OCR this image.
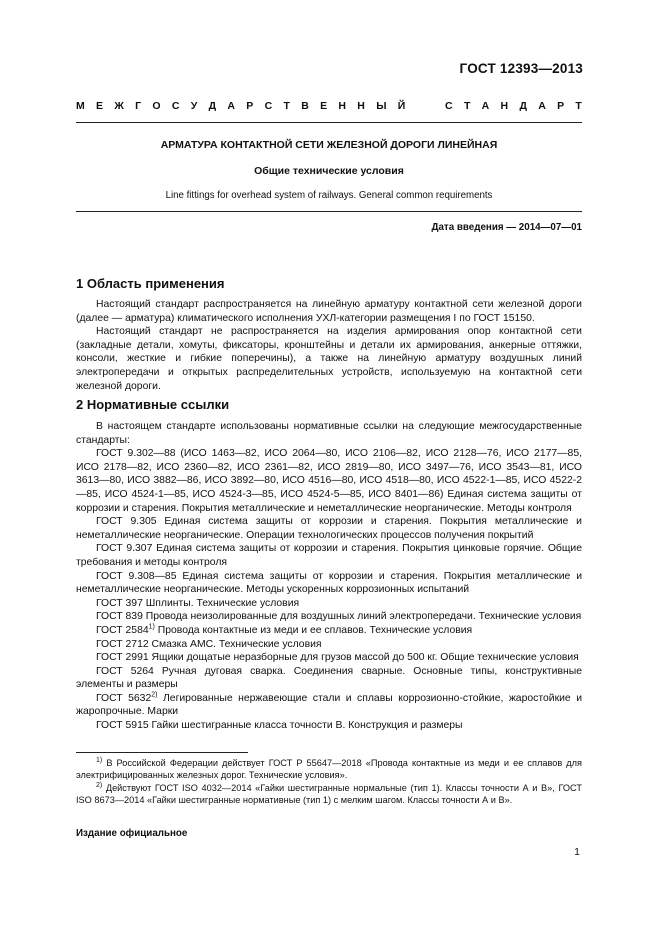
ГОСТ 12393—2013
М Е Ж Г О С У Д А Р С Т В Е Н Н Ы Й

	С Т А Н Д А Р Т
АРМАТУРА КОНТАКТНОЙ СЕТИ ЖЕЛЕЗНОЙ ДОРОГИ ЛИНЕЙНАЯ
Общие технические условия
Line fittings for overhead system of railways. General common requirements
Дата введения — 2014—07—01
1 Область применения

Настоящий стандарт распространяется на линейную арматуру контактной сети железной дороги (далее — арматура) климатического исполнения УХЛ-категории размещения I по ГОСТ 15150.

Настоящий стандарт не распространяется на изделия армирования опор контактной сети (закладные детали, хомуты, фиксаторы, кронштейны и детали их армирования, анкерные оттяжки, консоли, жесткие и гибкие поперечины), а также на линейную арматуру воздушных линий электропередачи и открытых распределительных устройств, используемую на контактной сети железной дороги.

2 Нормативные ссылки

В настоящем стандарте использованы нормативные ссылки на следующие межгосударственные стандарты:

ГОСТ 9.302—88 (ИСО 1463—82, ИСО 2064—80, ИСО 2106—82, ИСО 2128—76, ИСО 2177—85, ИСО 2178—82, ИСО 2360—82, ИСО 2361—82, ИСО 2819—80, ИСО 3497—76, ИСО 3543—81, ИСО 3613—80, ИСО 3882—86, ИСО 3892—80, ИСО 4516—80, ИСО 4518—80, ИСО 4522-1—85, ИСО 4522-2—85, ИСО 4524-1—85, ИСО 4524-3—85, ИСО 4524-5—85, ИСО 8401—86) Единая система защиты от коррозии и старения. Покрытия металлические и неметаллические неорганические. Методы контроля

ГОСТ 9.305 Единая система защиты от коррозии и старения. Покрытия металлические и неметаллические неорганические. Операции технологических процессов получения покрытий

ГОСТ 9.307 Единая система защиты от коррозии и старения. Покрытия цинковые горячие. Общие требования и методы контроля

ГОСТ 9.308—85 Единая система защиты от коррозии и старения. Покрытия металлические и неметаллические неорганические. Методы ускоренных коррозионных испытаний

ГОСТ 397 Шплинты. Технические условия

ГОСТ 839 Провода неизолированные для воздушных линий электропередачи. Технические условия

ГОСТ 2584$^{1)}$ Провода контактные из меди и ее сплавов. Технические условия

ГОСТ 2712 Смазка АМС. Технические условия

ГОСТ 2991 Ящики дощатые неразборные для грузов массой до 500 кг. Общие технические условия

ГОСТ 5264 Ручная дуговая сварка. Соединения сварные. Основные типы, конструктивные элементы и размеры

ГОСТ 5632$^{2)}$ Легированные нержавеющие стали и сплавы коррозионно-стойкие, жаростойкие и жаропрочные. Марки

ГОСТ 5915 Гайки шестигранные класса точности В. Конструкция и размеры

$^{1)}$ В Российской Федерации действует ГОСТ Р 55647—2018 «Провода контактные из меди и ее сплавов для электрифицированных железных дорог. Технические условия».
$^{2)}$ Действуют ГОСТ ISO 4032—2014 «Гайки шестигранные нормальные (тип 1). Классы точности А и В», ГОСТ ISO 8673—2014 «Гайки шестигранные нормативные (тип 1) с мелким шагом. Классы точности А и В».
Издание официальное
1
